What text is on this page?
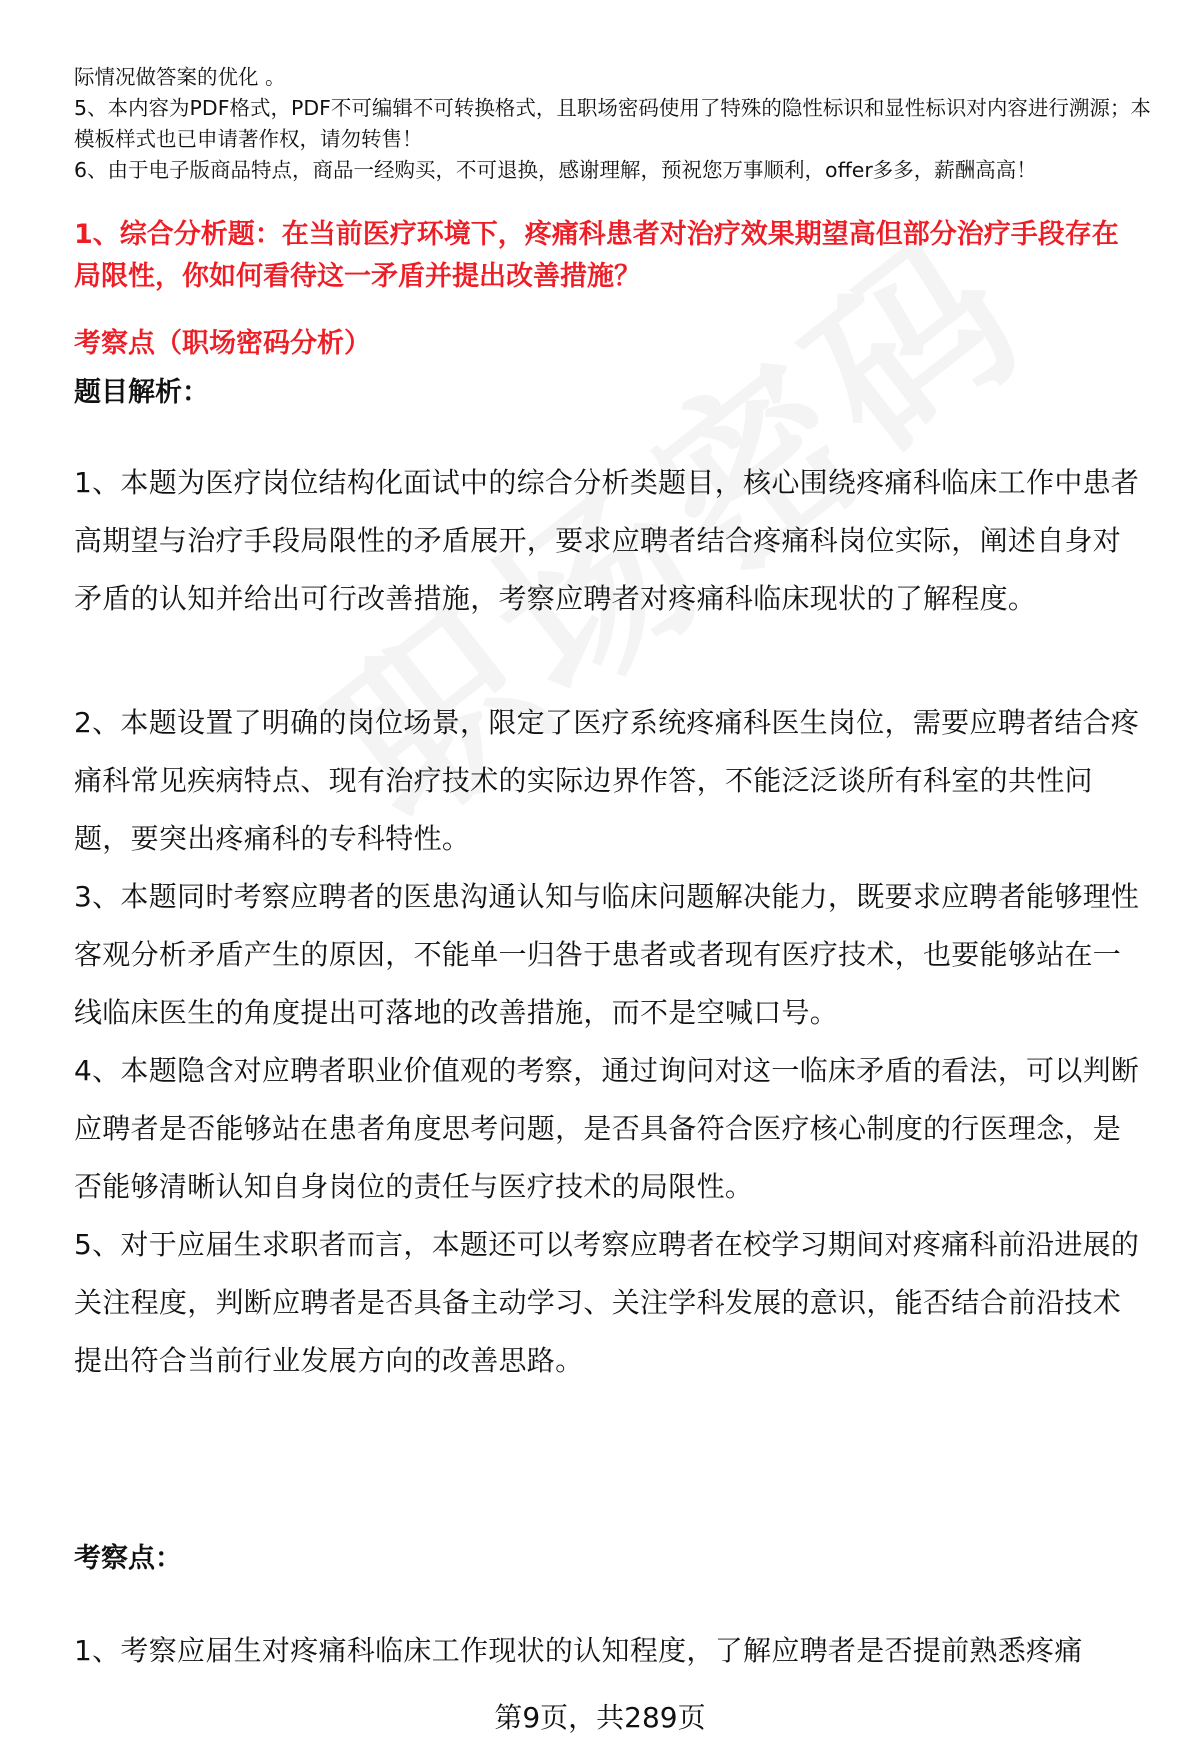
际情况做答案的优化 。

5、本内容为PDF格式，PDF不可编辑不可转换格式，且职场密码使用了特殊的隐性标识和显性标识对内容进行溯源；本模板样式也已申请著作权，请勿转售！

6、由于电子版商品特点，商品一经购买，不可退换，感谢理解，预祝您万事顺利，offer多多，薪酬高高！

1、综合分析题：在当前医疗环境下，疼痛科患者对治疗效果期望高但部分治疗手段存在局限性，你如何看待这一矛盾并提出改善措施？

考察点（职场密码分析）

题目解析：

1、本题为医疗岗位结构化面试中的综合分析类题目，核心围绕疼痛科临床工作中患者高期望与治疗手段局限性的矛盾展开，要求应聘者结合疼痛科岗位实际，阐述自身对矛盾的认知并给出可行改善措施，考察应聘者对疼痛科临床现状的了解程度。

2、本题设置了明确的岗位场景，限定了医疗系统疼痛科医生岗位，需要应聘者结合疼痛科常见疾病特点、现有治疗技术的实际边界作答，不能泛泛谈所有科室的共性问题，要突出疼痛科的专科特性。

3、本题同时考察应聘者的医患沟通认知与临床问题解决能力，既要求应聘者能够理性客观分析矛盾产生的原因，不能单一归咎于患者或者现有医疗技术，也要能够站在一线临床医生的角度提出可落地的改善措施，而不是空喊口号。

4、本题隐含对应聘者职业价值观的考察，通过询问对这一临床矛盾的看法，可以判断应聘者是否能够站在患者角度思考问题，是否具备符合医疗核心制度的行医理念，是否能够清晰认知自身岗位的责任与医疗技术的局限性。

5、对于应届生求职者而言，本题还可以考察应聘者在校学习期间对疼痛科前沿进展的关注程度，判断应聘者是否具备主动学习、关注学科发展的意识，能否结合前沿技术提出符合当前行业发展方向的改善思路。

考察点：

1、考察应届生对疼痛科临床工作现状的认知程度，了解应聘者是否提前熟悉疼痛

第9页，共289页
